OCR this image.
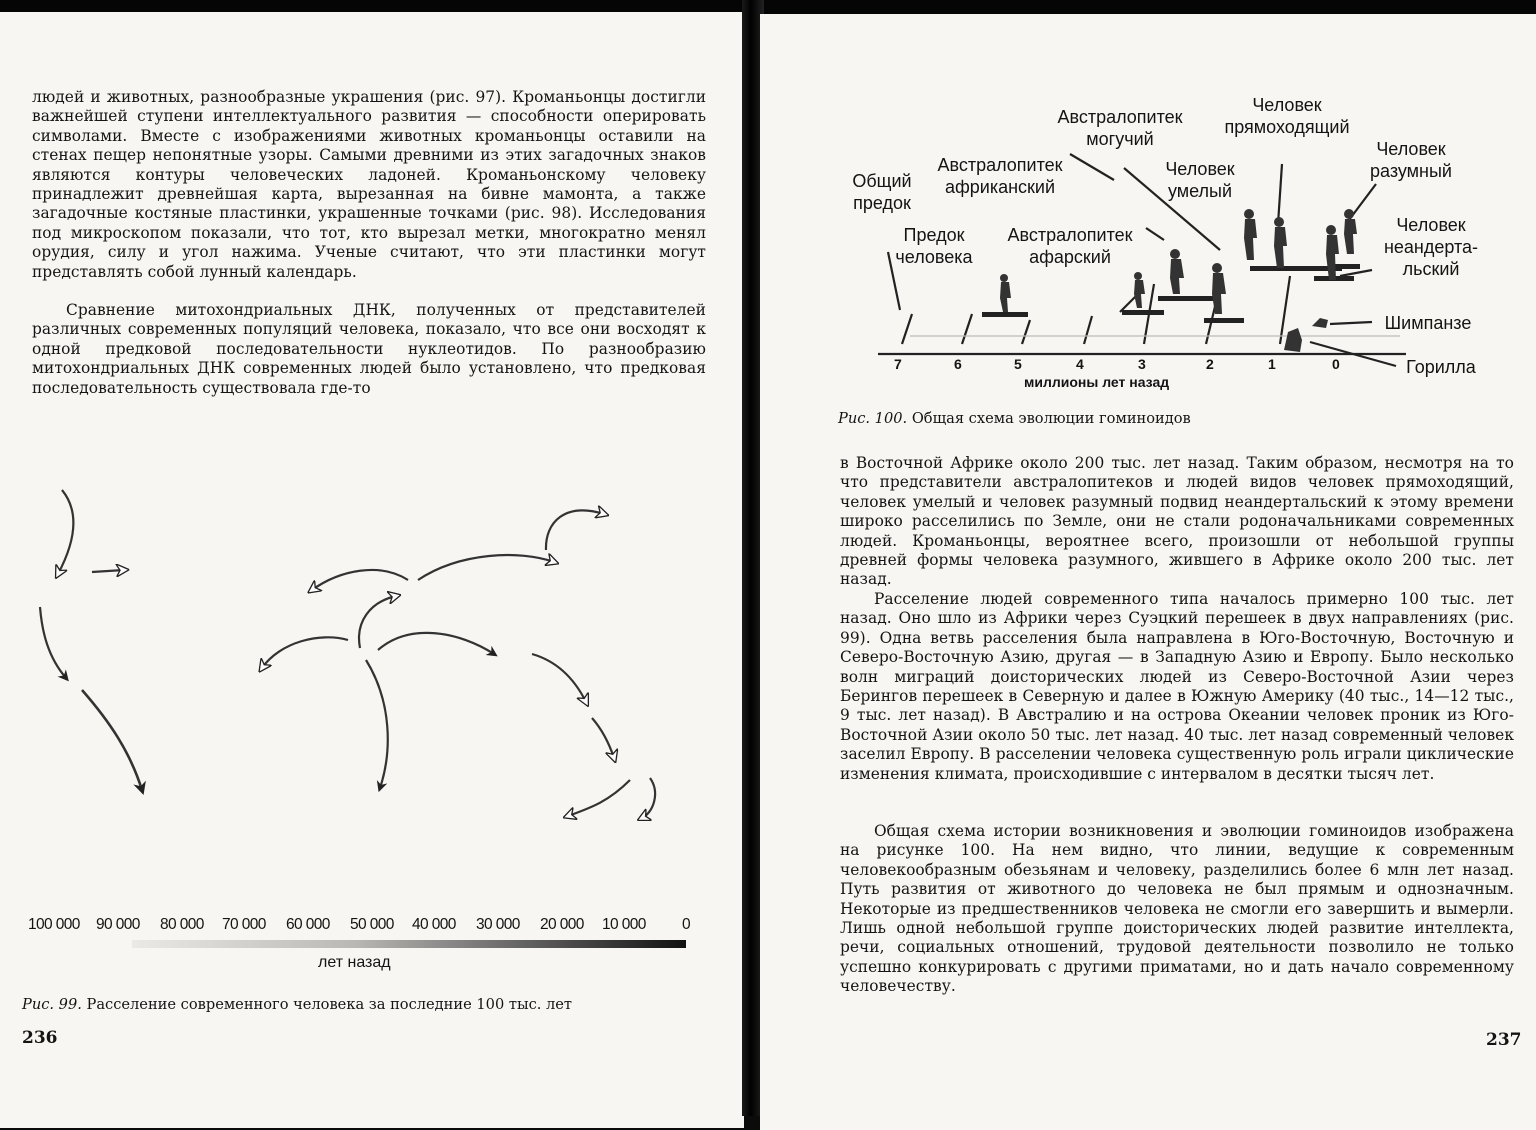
людей и животных, разнообразные украшения (рис. 97). Кроманьонцы достигли важнейшей ступени интеллектуального развития — способности оперировать символами. Вместе с изображениями животных кроманьонцы оставили на стенах пещер непонятные узоры. Самыми древними из этих загадочных знаков являются контуры человеческих ладоней. Кроманьонскому человеку принадлежит древнейшая карта, вырезанная на бивне мамонта, а также загадочные костяные пластинки, украшенные точками (рис. 98). Исследования под микроскопом показали, что тот, кто вырезал метки, многократно менял орудия, силу и угол нажима. Ученые считают, что эти пластинки могут представлять собой лунный календарь.
Сравнение митохондриальных ДНК, полученных от представителей различных современных популяций человека, показало, что все они восходят к одной предковой последовательности нуклеотидов. По разнообразию митохондриальных ДНК современных людей было установлено, что предковая последовательность существовала где-то
100 000 90 000 80 000 70 000 60 000 50 000 40 000 30 000 20 000 10 000 0
лет назад
Рис. 99. Расселение современного человека за последние 100 тыс. лет
236
Общий
предок
Предок
человека
Австралопитек
африканский
Австралопитек
могучий
Австралопитек
афарский
Человек
умелый
Человек
прямоходящий
Человек
разумный
Человек
неандерта-
льский
Шимпанзе
Горилла
7	6	5	4	3	2	1	0
миллионы лет назад
Рис. 100. Общая схема эволюции гоминоидов
в Восточной Африке около 200 тыс. лет назад. Таким образом, несмотря на то что представители австралопитеков и людей видов человек прямоходящий, человек умелый и человек разумный подвид неандертальский к этому времени широко расселились по Земле, они не стали родоначальниками современных людей. Кроманьонцы, вероятнее всего, произошли от небольшой группы древней формы человека разумного, жившего в Африке около 200 тыс. лет назад.
Расселение людей современного типа началось примерно 100 тыс. лет назад. Оно шло из Африки через Суэцкий перешеек в двух направлениях (рис. 99). Одна ветвь расселения была направлена в Юго-Восточную, Восточную и Северо-Восточную Азию, другая — в Западную Азию и Европу. Было несколько волн миграций доисторических людей из Северо-Восточной Азии через Берингов перешеек в Северную и далее в Южную Америку (40 тыс., 14—12 тыс., 9 тыс. лет назад). В Австралию и на острова Океании человек проник из Юго-Восточной Азии около 50 тыс. лет назад. 40 тыс. лет назад современный человек заселил Европу. В расселении человека существенную роль играли циклические изменения климата, происходившие с интервалом в десятки тысяч лет.
Общая схема истории возникновения и эволюции гоминоидов изображена на рисунке 100. На нем видно, что линии, ведущие к современным человекообразным обезьянам и человеку, разделились более 6 млн лет назад. Путь развития от животного до человека не был прямым и однозначным. Некоторые из предшественников человека не смогли его завершить и вымерли. Лишь одной небольшой группе доисторических людей развитие интеллекта, речи, социальных отношений, трудовой деятельности позволило не только успешно конкурировать с другими приматами, но и дать начало современному человечеству.
237
